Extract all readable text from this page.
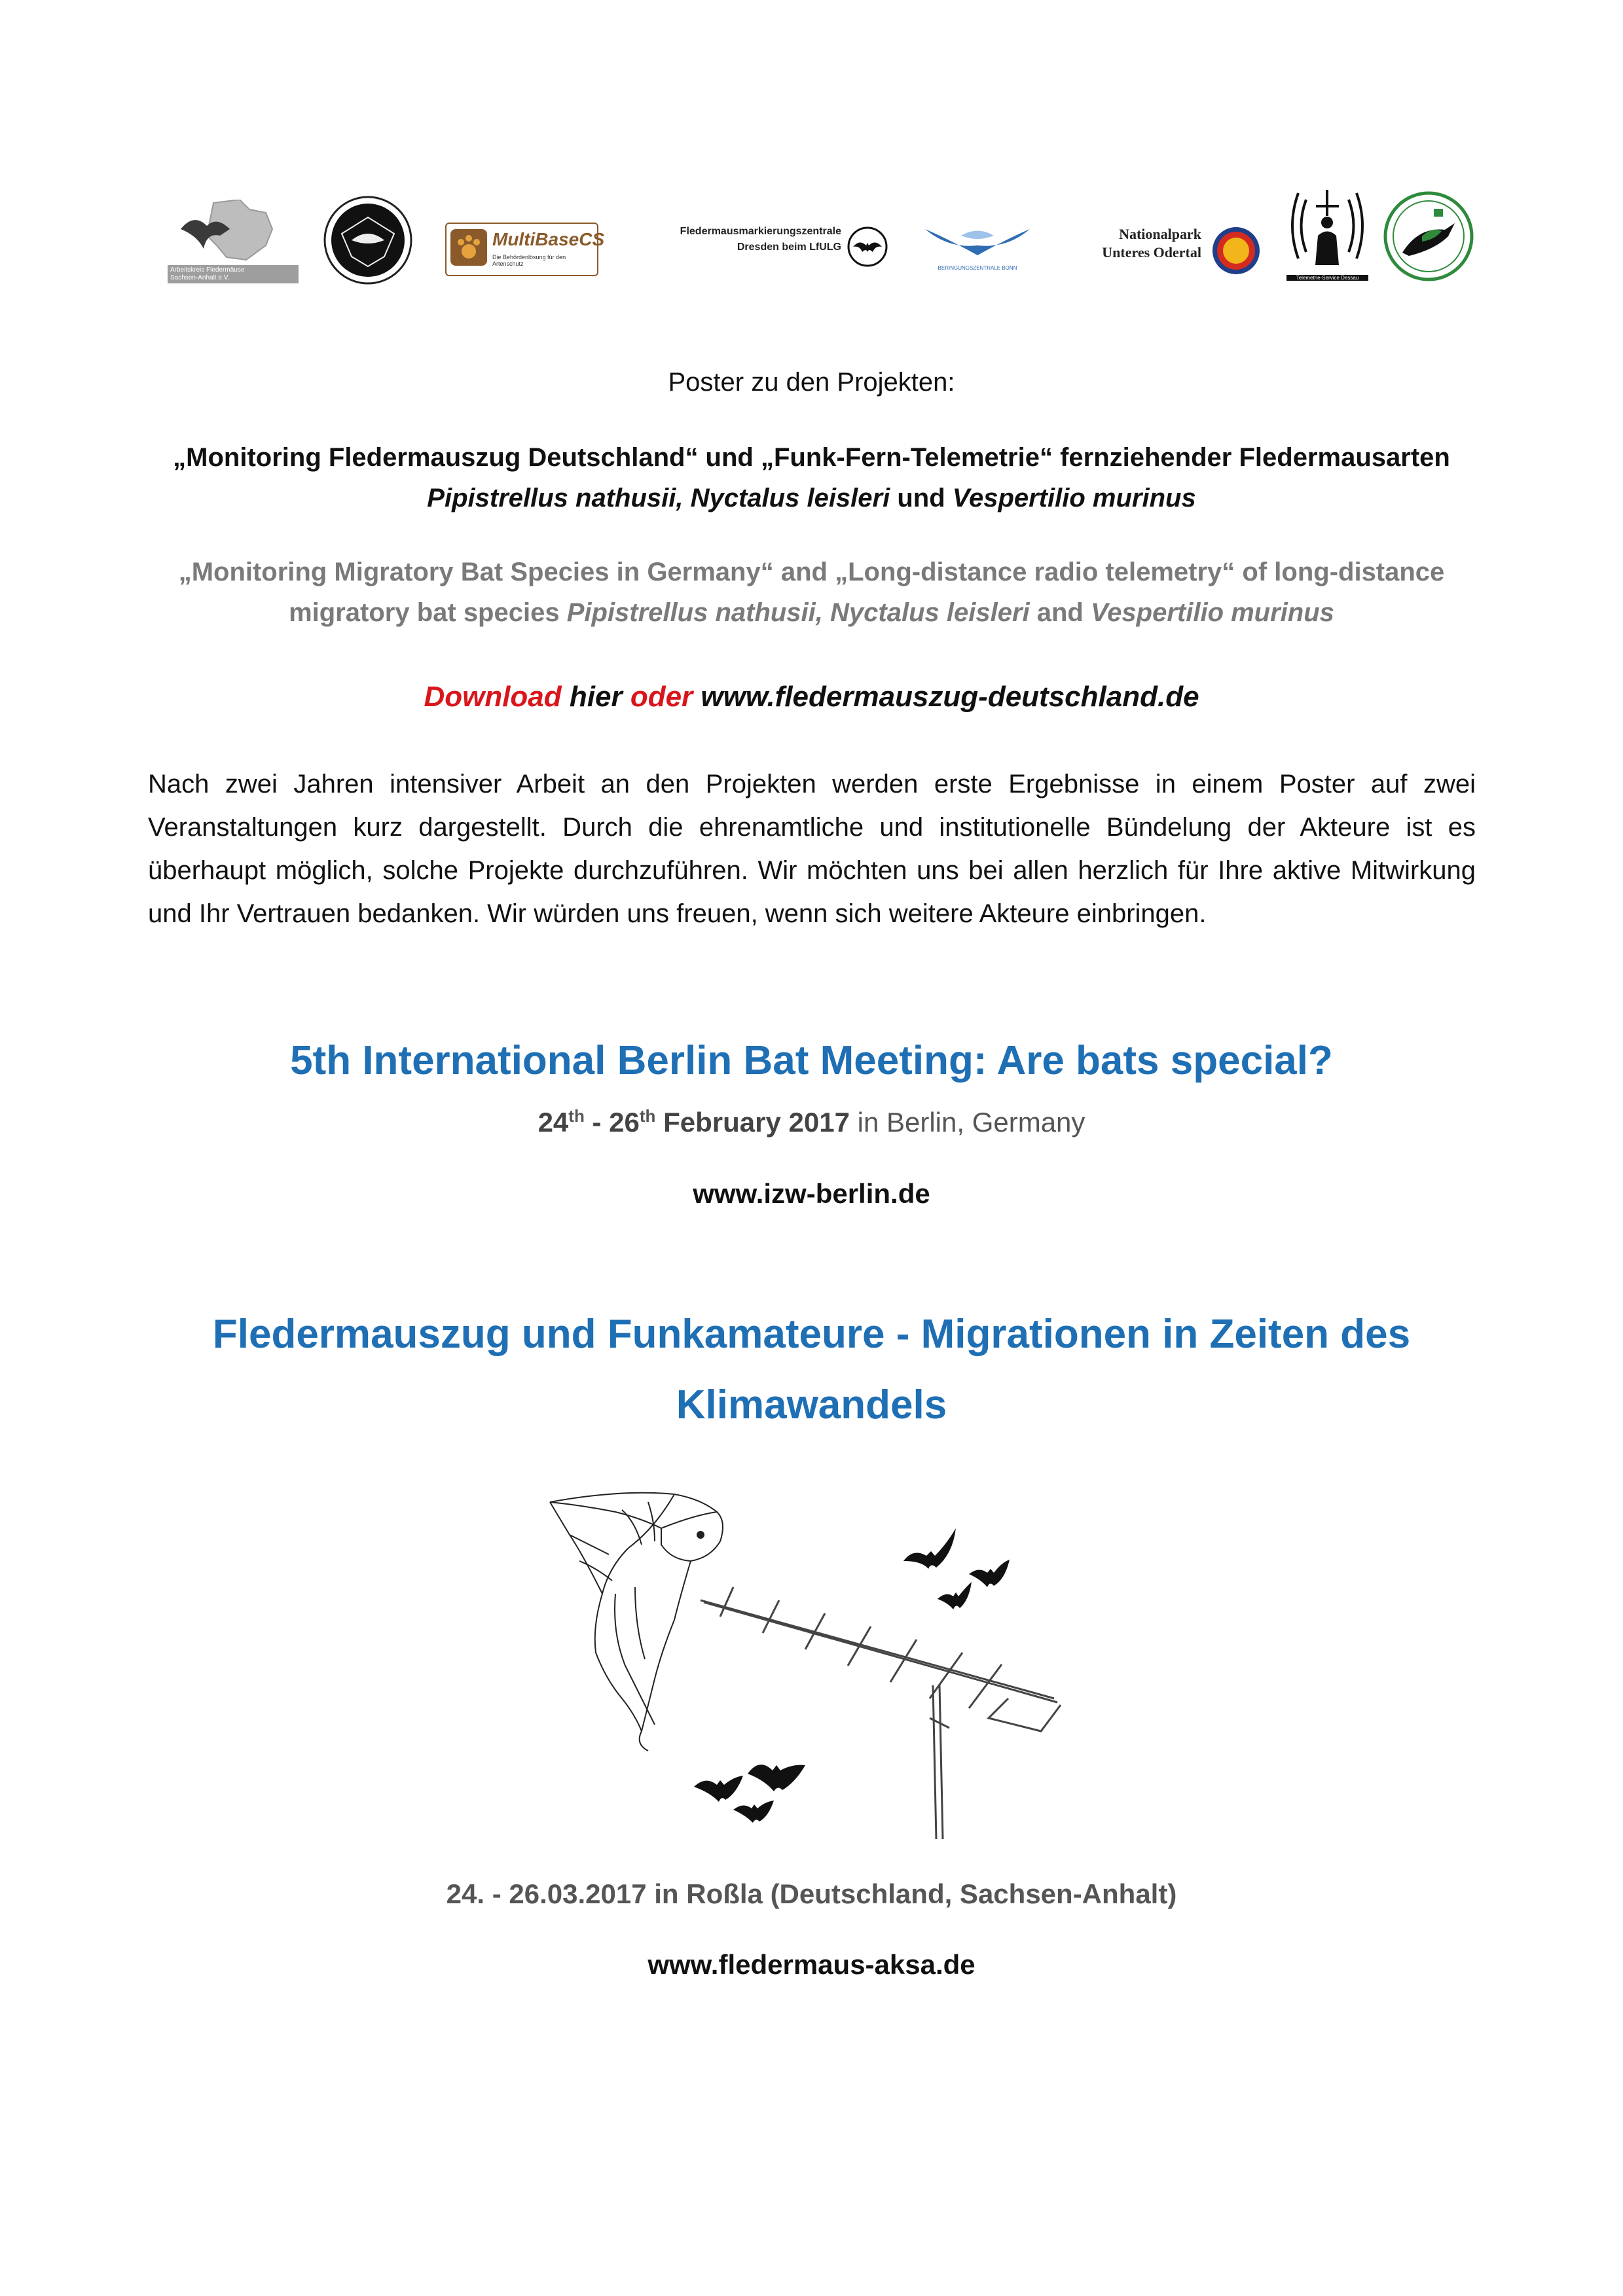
Arbeitskreis Fledermäuse
Sachsen-Anhalt e.V.
MultiBaseCS
Die Behördenlösung für den Artenschutz
Fledermausmarkierungszentrale
Dresden beim LfULG
BERINGUNGSZENTRALE BONN
Nationalpark
Unteres Odertal
Telemetrie-Service Dessau
Poster zu den Projekten:
„Monitoring Fledermauszug Deutschland“ und „Funk-Fern-Telemetrie“ fernziehender Fledermausarten
Pipistrellus nathusii, Nyctalus leisleri und Vespertilio murinus
„Monitoring Migratory Bat Species in Germany“ and „Long-distance radio telemetry“ of long-distance
migratory bat species Pipistrellus nathusii, Nyctalus leisleri and Vespertilio murinus
Download hier oder www.fledermauszug-deutschland.de
Nach zwei Jahren intensiver Arbeit an den Projekten werden erste Ergebnisse in einem Poster auf zwei Veranstaltungen kurz dargestellt. Durch die ehrenamtliche und institutionelle Bündelung der Akteure ist es überhaupt möglich, solche Projekte durchzuführen. Wir möchten uns bei allen herzlich für Ihre aktive Mitwirkung und Ihr Vertrauen bedanken. Wir würden uns freuen, wenn sich weitere Akteure einbringen.
5th International Berlin Bat Meeting: Are bats special?
24th - 26th February 2017 in Berlin, Germany
www.izw-berlin.de
Fledermauszug und Funkamateure - Migrationen in Zeiten des
Klimawandels
24. - 26.03.2017 in Roßla (Deutschland, Sachsen-Anhalt)
www.fledermaus-aksa.de
